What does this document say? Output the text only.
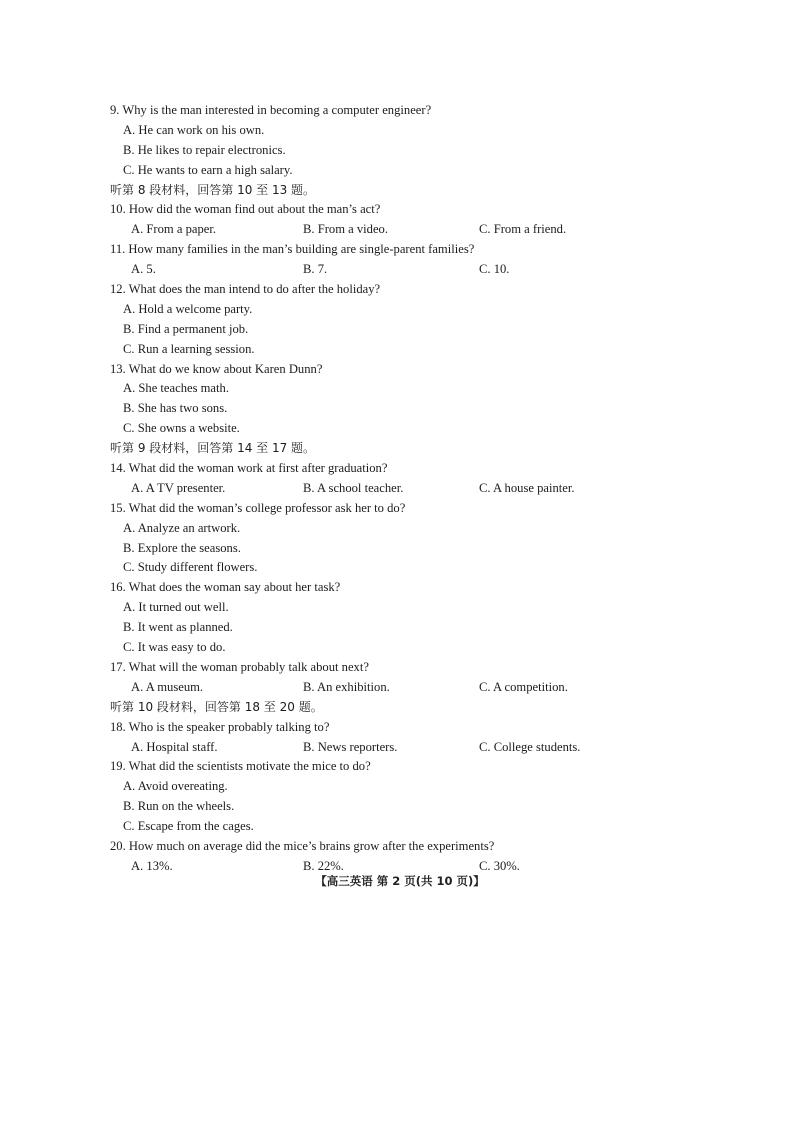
9. Why is the man interested in becoming a computer engineer?
A. He can work on his own.
B. He likes to repair electronics.
C. He wants to earn a high salary.
听第 8 段材料，回答第 10 至 13 题。
10. How did the woman find out about the man’s act?
A. From a paper.	B. From a video.	C. From a friend.
11. How many families in the man’s building are single-parent families?
A. 5.	B. 7.	C. 10.
12. What does the man intend to do after the holiday?
A. Hold a welcome party.
B. Find a permanent job.
C. Run a learning session.
13. What do we know about Karen Dunn?
A. She teaches math.
B. She has two sons.
C. She owns a website.
听第 9 段材料，回答第 14 至 17 题。
14. What did the woman work at first after graduation?
A. A TV presenter.	B. A school teacher.	C. A house painter.
15. What did the woman’s college professor ask her to do?
A. Analyze an artwork.
B. Explore the seasons.
C. Study different flowers.
16. What does the woman say about her task?
A. It turned out well.
B. It went as planned.
C. It was easy to do.
17. What will the woman probably talk about next?
A. A museum.	B. An exhibition.	C. A competition.
听第 10 段材料，回答第 18 至 20 题。
18. Who is the speaker probably talking to?
A. Hospital staff.	B. News reporters.	C. College students.
19. What did the scientists motivate the mice to do?
A. Avoid overeating.
B. Run on the wheels.
C. Escape from the cages.
20. How much on average did the mice’s brains grow after the experiments?
A. 13%.	B. 22%.	C. 30%.
【高三英语 第 2 页(共 10 页)】
